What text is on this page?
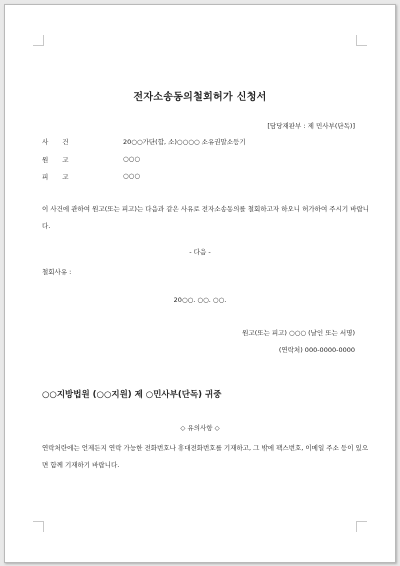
전자소송동의철회허가 신청서
[담당재판부 : 제 민사부(단독)]
사건	20○○가단(합, 소)○○○○ 소유권말소등기
원고	○○○
피고	○○○
이 사건에 관하여 원고(또는 피고)는 다음과 같은 사유로 전자소송동의를 철회하고자 하오니 허가하여 주시기 바랍니다.
- 다음 -
철회사유 :
20○○. ○○. ○○.
원고(또는 피고) ○○○ (날인 또는 서명)
(연락처) 000-0000-0000
○○지방법원 (○○지원) 제 ○민사부(단독) 귀중
◇ 유의사항 ◇
연락처란에는 언제든지 연락 가능한 전화번호나 휴대전화번호를 기재하고, 그 밖에 팩스번호, 이메일 주소 등이 있으면 함께 기재하기 바랍니다.
